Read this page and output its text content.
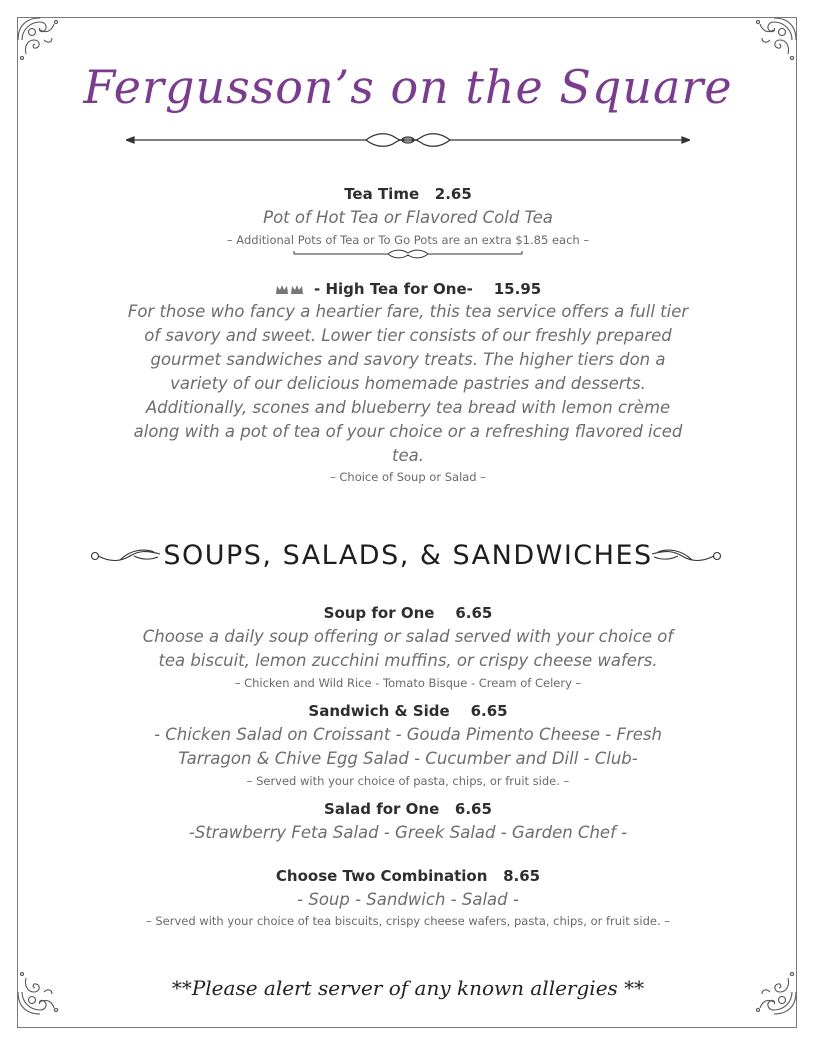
Fergusson’s on the Square
Tea Time 2.65
Pot of Hot Tea or Flavored Cold Tea
– Additional Pots of Tea or To Go Pots are an extra $1.85 each –
- High Tea for One- 15.95
For those who fancy a heartier fare, this tea service offers a full tier
of savory and sweet. Lower tier consists of our freshly prepared
gourmet sandwiches and savory treats. The higher tiers don a
variety of our delicious homemade pastries and desserts.
Additionally, scones and blueberry tea bread with lemon crème
along with a pot of tea of your choice or a refreshing flavored iced
tea.
– Choice of Soup or Salad –
SOUPS, SALADS, & SANDWICHES
Soup for One 6.65
Choose a daily soup offering or salad served with your choice of
tea biscuit, lemon zucchini muffins, or crispy cheese wafers.
– Chicken and Wild Rice - Tomato Bisque - Cream of Celery –
Sandwich & Side 6.65
- Chicken Salad on Croissant - Gouda Pimento Cheese - Fresh
Tarragon & Chive Egg Salad - Cucumber and Dill - Club-
– Served with your choice of pasta, chips, or fruit side. –
Salad for One 6.65
-Strawberry Feta Salad - Greek Salad - Garden Chef -
Choose Two Combination 8.65
- Soup - Sandwich - Salad -
– Served with your choice of tea biscuits, crispy cheese wafers, pasta, chips, or fruit side. –
**Please alert server of any known allergies **
